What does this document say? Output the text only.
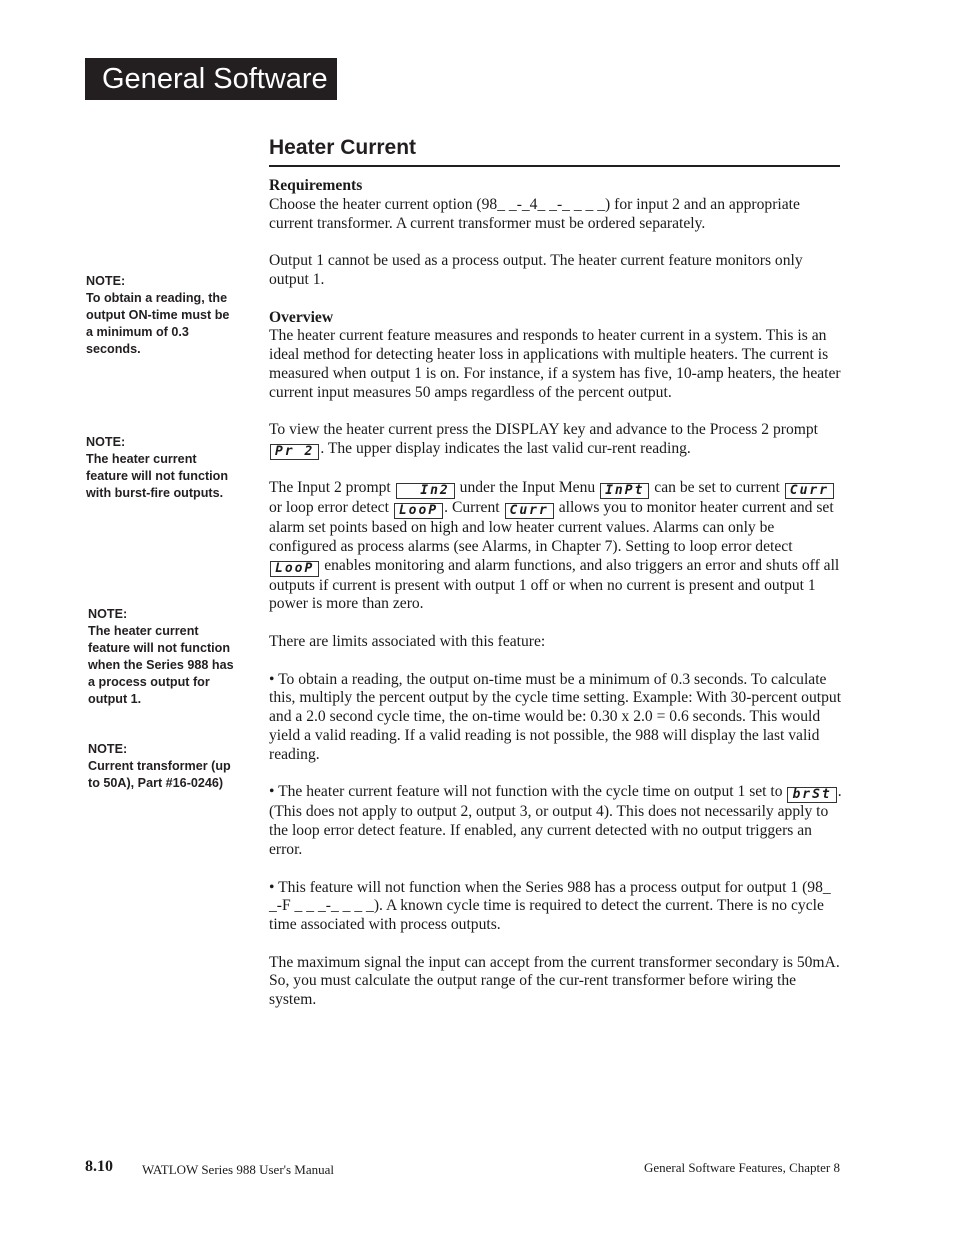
General Software
Heater Current
NOTE:
To obtain a reading, the output ON-time must be a minimum of 0.3 seconds.
NOTE:
The heater current feature will not function with burst-fire outputs.
NOTE:
The heater current feature will not function when the Series 988 has a process output for output 1.
NOTE:
Current transformer (up to 50A), Part #16-0246)

Requirements
Choose the heater current option (98_ _-_4_ _-_ _ _ _) for input 2 and an appropriate current transformer. A current transformer must be ordered separately.

Output 1 cannot be used as a process output. The heater current feature monitors only output 1.

Overview
The heater current feature measures and responds to heater current in a system. This is an ideal method for detecting heater loss in applications with multiple heaters. The current is measured when output 1 is on. For instance, if a system has five, 10-amp heaters, the heater current input measures 50 amps regardless of the percent output.

To view the heater current press the DISPLAY key and advance to the Process 2 prompt Pr 2 . The upper display indicates the last valid cur-rent reading.

The Input 2 prompt   In2 under the Input Menu InPt can be set to current Curr or loop error detect LooP . Current Curr allows you to monitor heater current and set alarm set points based on high and low heater current values. Alarms can only be configured as process alarms (see Alarms, in Chapter 7). Setting to loop error detect LooP enables monitoring and alarm functions, and also triggers an error and shuts off all outputs if current is present with output 1 off or when no current is present and output 1 power is more than zero.

There are limits associated with this feature:

• To obtain a reading, the output on-time must be a minimum of 0.3 seconds. To calculate this, multiply the percent output by the cycle time setting. Example: With 30-percent output and a 2.0 second cycle time, the on-time would be: 0.30 x 2.0 = 0.6 seconds. This would yield a valid reading. If a valid reading is not possible, the 988 will display the last valid reading.

• The heater current feature will not function with the cycle time on output 1 set to brSt . (This does not apply to output 2, output 3, or output 4). This does not necessarily apply to the loop error detect feature. If enabled, any current detected with no output triggers an error.

• This feature will not function when the Series 988 has a process output for output 1 (98_ _-F _ _ _-_ _ _ _). A known cycle time is required to detect the current. There is no cycle time associated with process outputs.

The maximum signal the input can accept from the current transformer secondary is 50mA. So, you must calculate the output range of the cur-rent transformer before wiring the system.

8.10 WATLOW Series 988 User's Manual	General Software Features, Chapter 8
